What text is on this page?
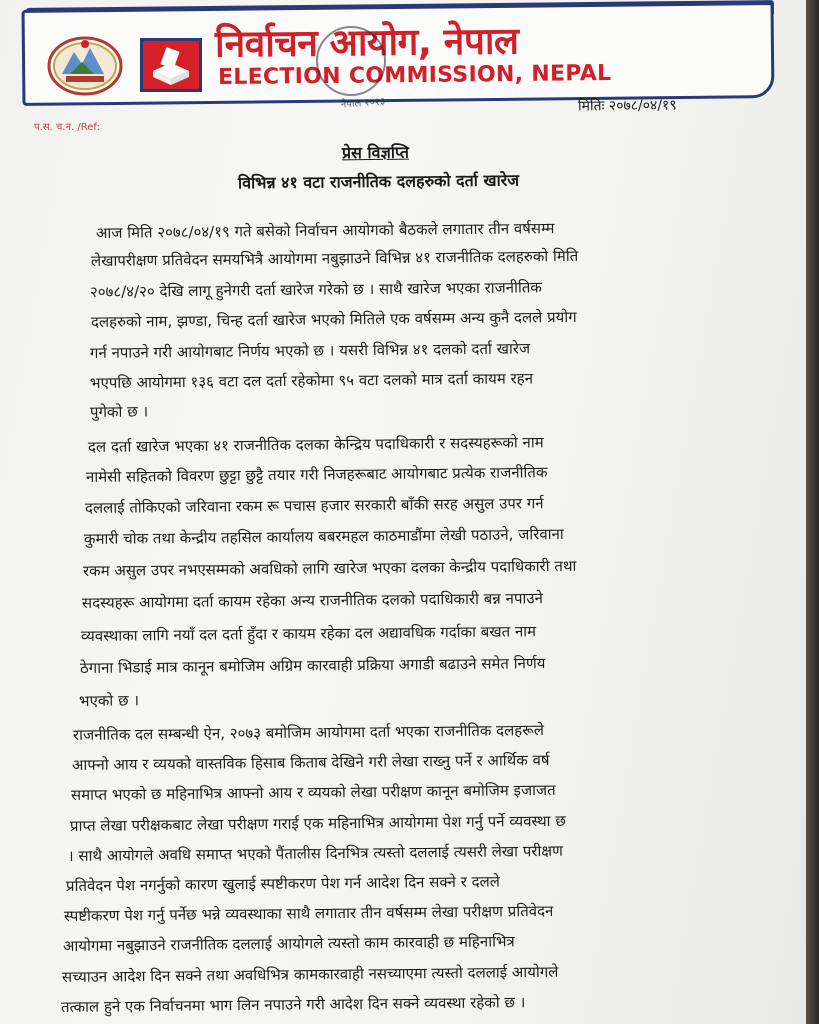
निर्वाचन आयोग, नेपाल

ELECTION COMMISSION, NEPAL

नेपाल २०२३

प.स. च.न. /Ref:

मितिः २०७८/०४/१९

प्रेस विज्ञप्ति

विभिन्न ४१ वटा राजनीतिक दलहरुको दर्ता खारेज

आज मिति २०७८/०४/१९ गते बसेको निर्वाचन आयोगको बैठकले लगातार तीन वर्षसम्म

लेखापरीक्षण प्रतिवेदन समयभित्रै आयोगमा नबुझाउने विभिन्न ४१ राजनीतिक दलहरुको मिति

२०७८/४/२० देखि लागू हुनेगरी दर्ता खारेज गरेको छ । साथै खारेज भएका राजनीतिक

दलहरुको नाम, झण्डा, चिन्ह दर्ता खारेज भएको मितिले एक वर्षसम्म अन्य कुनै दलले प्रयोग

गर्न नपाउने गरी आयोगबाट निर्णय भएको छ । यसरी विभिन्न ४१ दलको दर्ता खारेज

भएपछि आयोगमा १३६ वटा दल दर्ता रहेकोमा ९५ वटा दलको मात्र दर्ता कायम रहन

पुगेको छ ।

दल दर्ता खारेज भएका ४१ राजनीतिक दलका केन्द्रिय पदाधिकारी र सदस्यहरूको नाम

नामेसी सहितको विवरण छुट्टा छुट्टै तयार गरी निजहरूबाट आयोगबाट प्रत्येक राजनीतिक

दललाई तोकिएको जरिवाना रकम रू पचास हजार सरकारी बाँकी सरह असुल उपर गर्न

कुमारी चोक तथा केन्द्रीय तहसिल कार्यालय बबरमहल काठमाडौंमा लेखी पठाउने, जरिवाना

रकम असुल उपर नभएसम्मको अवधिको लागि खारेज भएका दलका केन्द्रीय पदाधिकारी तथा

सदस्यहरू आयोगमा दर्ता कायम रहेका अन्य राजनीतिक दलको पदाधिकारी बन्न नपाउने

व्यवस्थाका लागि नयाँ दल दर्ता हुँदा र कायम रहेका दल अद्यावधिक गर्दाका बखत नाम

ठेगाना भिडाई मात्र कानून बमोजिम अग्रिम कारवाही प्रक्रिया अगाडी बढाउने समेत निर्णय

भएको छ ।

राजनीतिक दल सम्बन्धी ऐन, २०७३ बमोजिम आयोगमा दर्ता भएका राजनीतिक दलहरूले

आफ्नो आय र व्ययको वास्तविक हिसाब किताब देखिने गरी लेखा राख्नु पर्ने र आर्थिक वर्ष

समाप्त भएको छ महिनाभित्र आफ्नो आय र व्ययको लेखा परीक्षण कानून बमोजिम इजाजत

प्राप्त लेखा परीक्षकबाट लेखा परीक्षण गराई एक महिनाभित्र आयोगमा पेश गर्नु पर्ने व्यवस्था छ

। साथै आयोगले अवधि समाप्त भएको पैंतालीस दिनभित्र त्यस्तो दललाई त्यसरी लेखा परीक्षण

प्रतिवेदन पेश नगर्नुको कारण खुलाई स्पष्टीकरण पेश गर्न आदेश दिन सक्ने र दलले

स्पष्टीकरण पेश गर्नु पर्नेछ भन्ने व्यवस्थाका साथै लगातार तीन वर्षसम्म लेखा परीक्षण प्रतिवेदन

आयोगमा नबुझाउने राजनीतिक दललाई आयोगले त्यस्तो काम कारवाही छ महिनाभित्र

सच्याउन आदेश दिन सक्ने तथा अवधिभित्र कामकारवाही नसच्याएमा त्यस्तो दललाई आयोगले

तत्काल हुने एक निर्वाचनमा भाग लिन नपाउने गरी आदेश दिन सक्ने व्यवस्था रहेको छ ।
